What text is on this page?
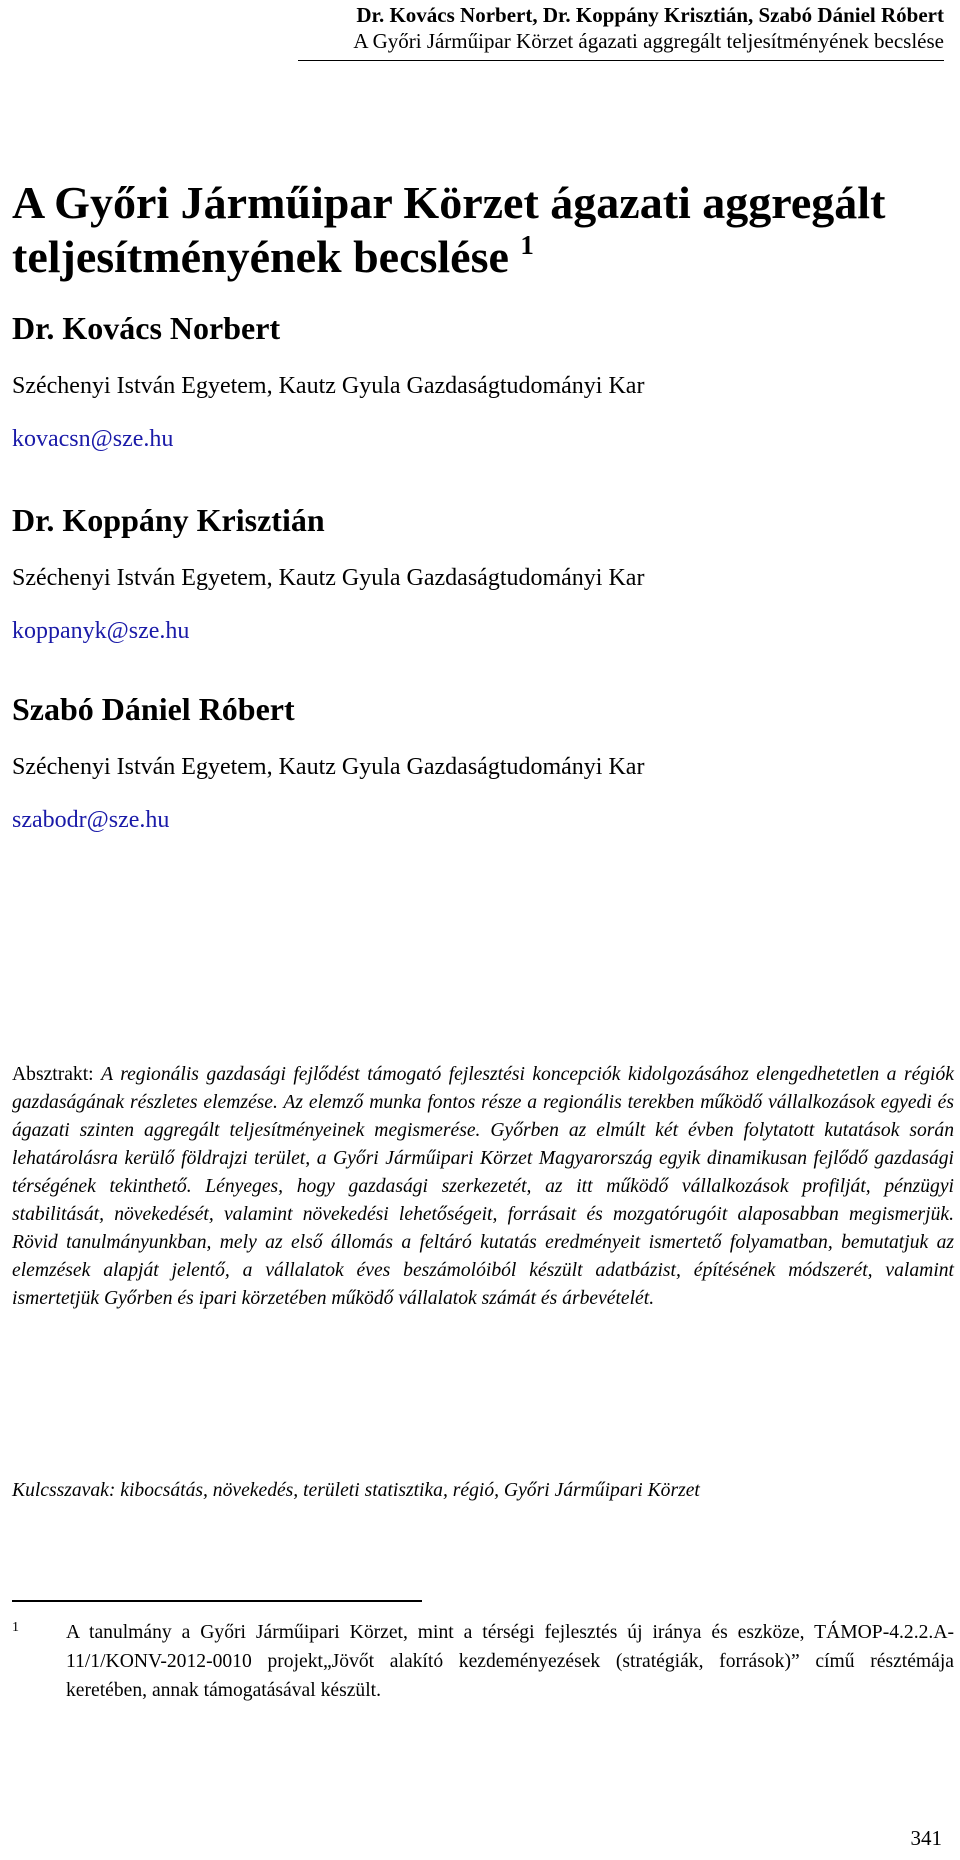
Dr. Kovács Norbert, Dr. Koppány Krisztián, Szabó Dániel Róbert
A Győri Járműipar Körzet ágazati aggregált teljesítményének becslése
A Győri Járműipar Körzet ágazati aggregált teljesítményének becslése $^1$
Dr. Kovács Norbert
Széchenyi István Egyetem, Kautz Gyula Gazdaságtudományi Kar
kovacsn@sze.hu
Dr. Koppány Krisztián
Széchenyi István Egyetem, Kautz Gyula Gazdaságtudományi Kar
koppanyk@sze.hu
Szabó Dániel Róbert
Széchenyi István Egyetem, Kautz Gyula Gazdaságtudományi Kar
szabodr@sze.hu
Absztrakt: A regionális gazdasági fejlődést támogató fejlesztési koncepciók kidolgozásához elengedhetetlen a régiók gazdaságának részletes elemzése. Az elemző munka fontos része a regionális terekben működő vállalkozások egyedi és ágazati szinten aggregált teljesítményeinek megismerése. Győrben az elmúlt két évben folytatott kutatások során lehatárolásra kerülő földrajzi terület, a Győri Járműipari Körzet Magyarország egyik dinamikusan fejlődő gazdasági térségének tekinthető. Lényeges, hogy gazdasági szerkezetét, az itt működő vállalkozások profilját, pénzügyi stabilitását, növekedését, valamint növekedési lehetőségeit, forrásait és mozgatórugóit alaposabban megismerjük. Rövid tanulmányunkban, mely az első állomás a feltáró kutatás eredményeit ismertető folyamatban, bemutatjuk az elemzések alapját jelentő, a vállalatok éves beszámolóiból készült adatbázist, építésének módszerét, valamint ismertetjük Győrben és ipari körzetében működő vállalatok számát és árbevételét.
Kulcsszavak: kibocsátás, növekedés, területi statisztika, régió, Győri Járműipari Körzet
1 A tanulmány a Győri Járműipari Körzet, mint a térségi fejlesztés új iránya és eszköze, TÁMOP-4.2.2.A-11/1/KONV-2012-0010 projekt„Jövőt alakító kezdeményezések (stratégiák, források)” című résztémája keretében, annak támogatásával készült.
341
